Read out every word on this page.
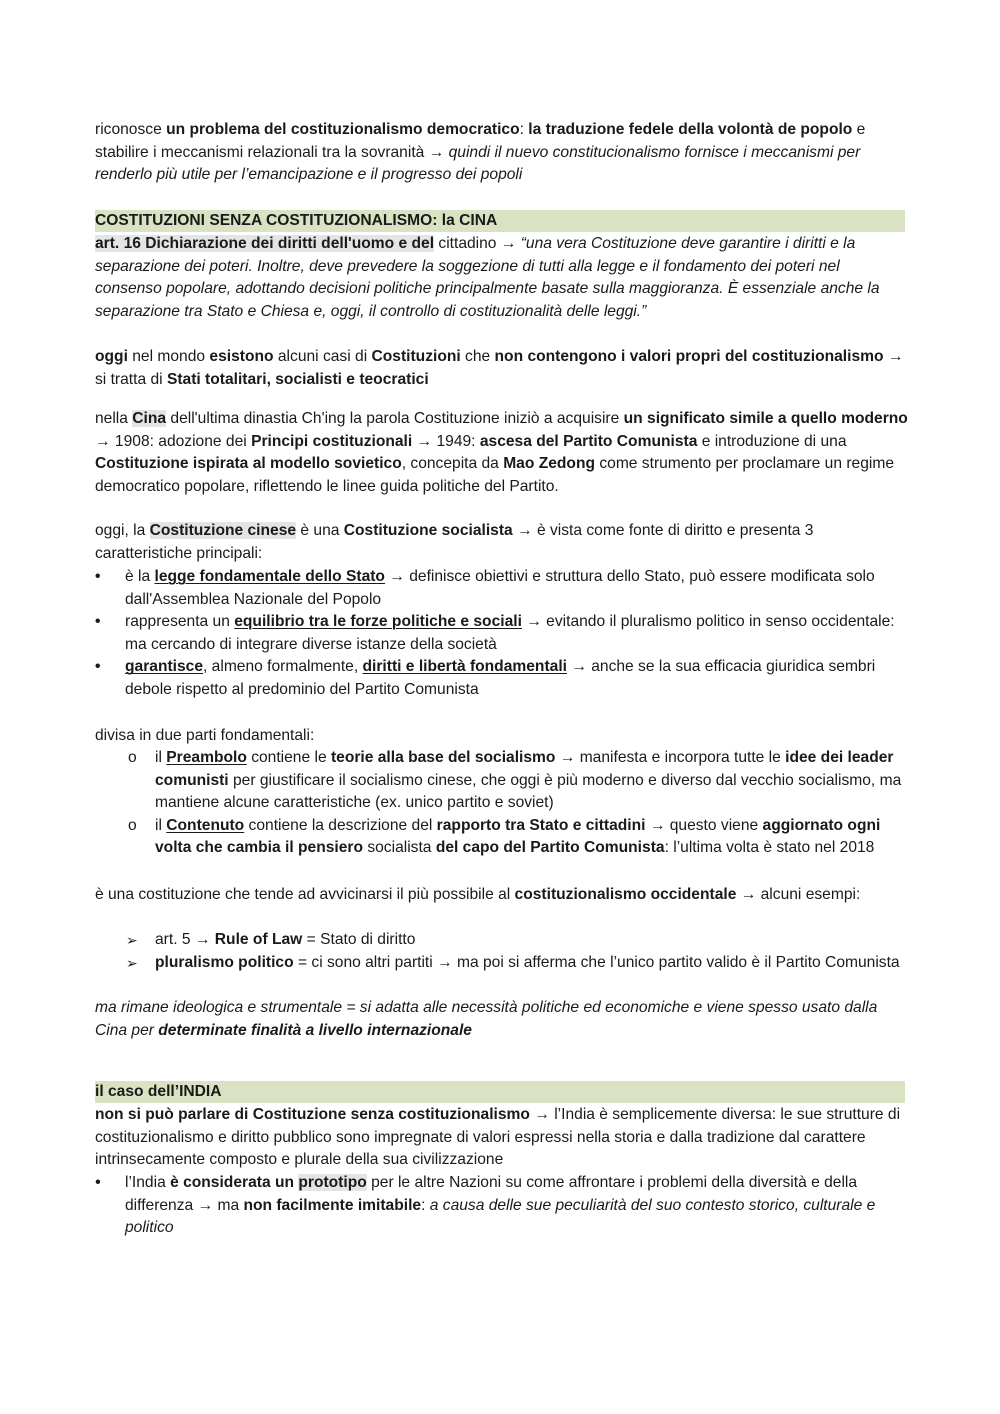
riconosce un problema del costituzionalismo democratico: la traduzione fedele della volontà de popolo e stabilire i meccanismi relazionali tra la sovranità → quindi il nuevo constitucionalismo fornisce i meccanismi per renderlo più utile per l’emancipazione e il progresso dei popoli

COSTITUZIONI SENZA COSTITUZIONALISMO: la CINA

art. 16 Dichiarazione dei diritti dell'uomo e del cittadino → “una vera Costituzione deve garantire i diritti e la separazione dei poteri. Inoltre, deve prevedere la soggezione di tutti alla legge e il fondamento dei poteri nel consenso popolare, adottando decisioni politiche principalmente basate sulla maggioranza. È essenziale anche la separazione tra Stato e Chiesa e, oggi, il controllo di costituzionalità delle leggi.”

oggi nel mondo esistono alcuni casi di Costituzioni che non contengono i valori propri del costituzionalismo → si tratta di Stati totalitari, socialisti e teocratici

nella Cina dell'ultima dinastia Ch'ing la parola Costituzione iniziò a acquisire un significato simile a quello moderno → 1908: adozione dei Principi costituzionali → 1949: ascesa del Partito Comunista e introduzione di una Costituzione ispirata al modello sovietico, concepita da Mao Zedong come strumento per proclamare un regime democratico popolare, riflettendo le linee guida politiche del Partito.

oggi, la Costituzione cinese è una Costituzione socialista → è vista come fonte di diritto e presenta 3 caratteristiche principali:

• è la legge fondamentale dello Stato → definisce obiettivi e struttura dello Stato, può essere modificata solo dall'Assemblea Nazionale del Popolo
• rappresenta un equilibrio tra le forze politiche e sociali → evitando il pluralismo politico in senso occidentale: ma cercando di integrare diverse istanze della società
• garantisce, almeno formalmente, diritti e libertà fondamentali → anche se la sua efficacia giuridica sembri debole rispetto al predominio del Partito Comunista

divisa in due parti fondamentali:

o il Preambolo contiene le teorie alla base del socialismo → manifesta e incorpora tutte le idee dei leader comunisti per giustificare il socialismo cinese, che oggi è più moderno e diverso dal vecchio socialismo, ma mantiene alcune caratteristiche (ex. unico partito e soviet)
o il Contenuto contiene la descrizione del rapporto tra Stato e cittadini → questo viene aggiornato ogni volta che cambia il pensiero socialista del capo del Partito Comunista: l’ultima volta è stato nel 2018

è una costituzione che tende ad avvicinarsi il più possibile al costituzionalismo occidentale → alcuni esempi:

➢ art. 5 → Rule of Law = Stato di diritto
➢ pluralismo politico = ci sono altri partiti → ma poi si afferma che l’unico partito valido è il Partito Comunista

ma rimane ideologica e strumentale = si adatta alle necessità politiche ed economiche e viene spesso usato dalla Cina per determinate finalità a livello internazionale

il caso dell’INDIA

non si può parlare di Costituzione senza costituzionalismo → l’India è semplicemente diversa: le sue strutture di costituzionalismo e diritto pubblico sono impregnate di valori espressi nella storia e dalla tradizione dal carattere intrinsecamente composto e plurale della sua civilizzazione

• l’India è considerata un prototipo per le altre Nazioni su come affrontare i problemi della diversità e della differenza → ma non facilmente imitabile: a causa delle sue peculiarità del suo contesto storico, culturale e politico
